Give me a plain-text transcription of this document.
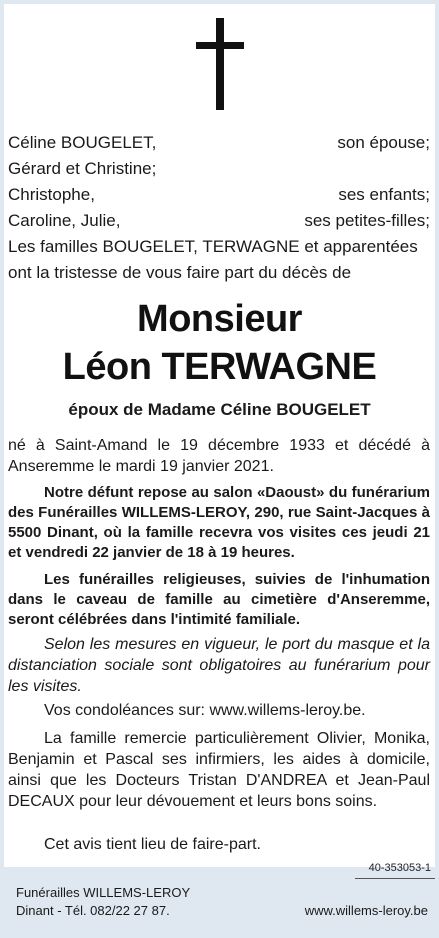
Céline BOUGELET,	son épouse;
Gérard et Christine;
Christophe,	ses enfants;
Caroline, Julie,	ses petites-filles;
Les familles BOUGELET, TERWAGNE et apparentées
ont la tristesse de vous faire part du décès de
Monsieur
Léon TERWAGNE
époux de Madame Céline BOUGELET
né à Saint-Amand le 19 décembre 1933 et décédé à Anseremme le mardi 19 janvier 2021.
Notre défunt repose au salon «Daoust» du funérarium des Funérailles WILLEMS-LEROY, 290, rue Saint-Jacques à 5500 Dinant, où la famille recevra vos visites ces jeudi 21 et vendredi 22 janvier de 18 à 19 heures.
Les funérailles religieuses, suivies de l'inhumation dans le caveau de famille au cimetière d'Anseremme, seront célébrées dans l'intimité familiale.
Selon les mesures en vigueur, le port du masque et la distanciation sociale sont obligatoires au funérarium pour les visites.
Vos condoléances sur: www.willems-leroy.be.
La famille remercie particulièrement Olivier, Monika, Benjamin et Pascal ses infirmiers, les aides à domicile, ainsi que les Docteurs Tristan D'ANDREA et Jean-Paul DECAUX pour leur dévouement et leurs bons soins.
Cet avis tient lieu de faire-part.
40-353053-1
Funérailles WILLEMS-LEROY
Dinant - Tél. 082/22 27 87.	www.willems-leroy.be
